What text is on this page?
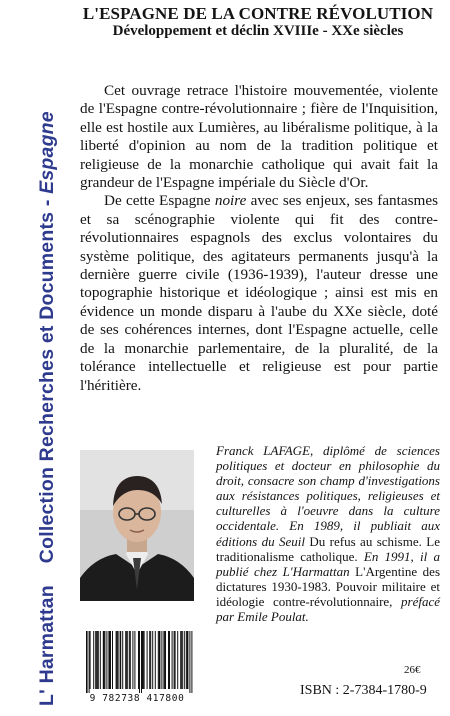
L' HarmattanCollection Recherches et Documents - Espagne
L'ESPAGNE DE LA CONTRE RÉVOLUTION
Développement et déclin XVIIIe - XXe siècles

Cet ouvrage retrace l'histoire mouvementée, violente de l'Espagne contre-révolutionnaire ; fière de l'Inquisition, elle est hostile aux Lumières, au libéralisme politique, à la liberté d'opinion au nom de la tradition politique et religieuse de la monarchie catholique qui avait fait la grandeur de l'Espagne impériale du Siècle d'Or.

De cette Espagne noire avec ses enjeux, ses fantasmes et sa scénographie violente qui fit des contre-révolutionnaires espagnols des exclus volontaires du système politique, des agitateurs permanents jusqu'à la dernière guerre civile (1936-1939), l'auteur dresse une topographie historique et idéologique ; ainsi est mis en évidence un monde disparu à l'aube du XXe siècle, doté de ses cohérences internes, dont l'Espagne actuelle, celle de la monarchie parlementaire, de la pluralité, de la tolérance intellectuelle et religieuse est pour partie l'héritière.

Franck LAFAGE, diplômé de sciences politiques et docteur en philosophie du droit, consacre son champ d'investigations aux résistances politiques, religieuses et culturelles à l'oeuvre dans la culture occidentale. En 1989, il publiait aux éditions du Seuil Du refus au schisme. Le traditionalisme catholique. En 1991, il a publié chez L'Harmattan L'Argentine des dictatures 1930-1983. Pouvoir militaire et idéologie contre-révolutionnaire, préfacé par Emile Poulat.
9 782738 417800
26€
ISBN : 2-7384-1780-9
